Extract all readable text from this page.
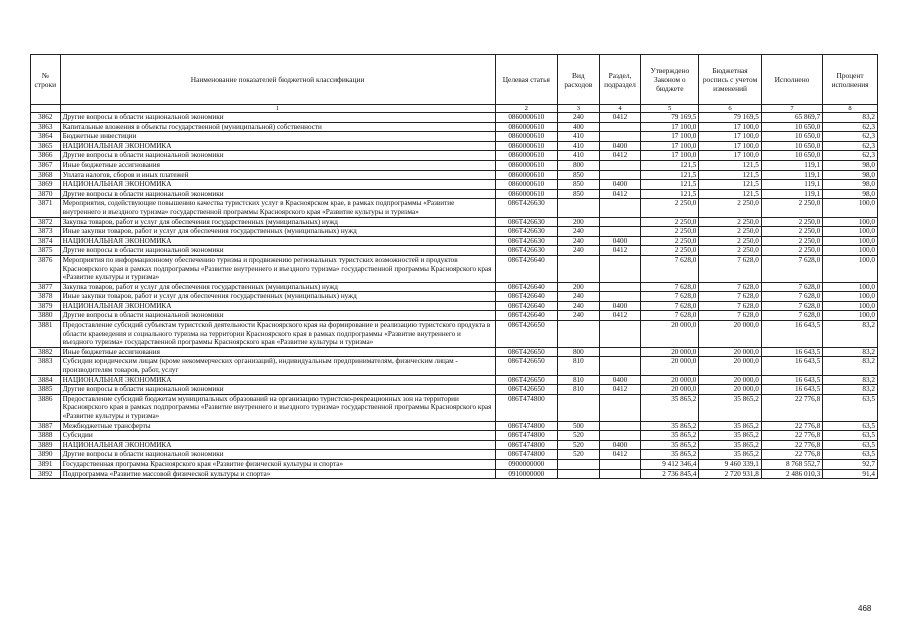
№ строки	Наименование показателей бюджетной классификации	Целевая статья	Вид расходов	Раздел, подраздел	Утверждено Законом о бюджете	Бюджетная роспись с учетом изменений	Исполнено	Процент исполнения
	1	2	3	4	5	6	7	8
3862	Другие вопросы в области национальной экономики	0860000610	240	0412	79 169,5	79 169,5	65 869,7	83,2
3863	Капитальные вложения в объекты государственной (муниципальной) собственности	0860000610	400		17 100,0	17 100,0	10 650,0	62,3
3864	Бюджетные инвестиции	0860000610	410		17 100,0	17 100,0	10 650,0	62,3
3865	НАЦИОНАЛЬНАЯ ЭКОНОМИКА	0860000610	410	0400	17 100,0	17 100,0	10 650,0	62,3
3866	Другие вопросы в области национальной экономики	0860000610	410	0412	17 100,0	17 100,0	10 650,0	62,3
3867	Иные бюджетные ассигнования	0860000610	800		121,5	121,5	119,1	98,0
3868	Уплата налогов, сборов и иных платежей	0860000610	850		121,5	121,5	119,1	98,0
3869	НАЦИОНАЛЬНАЯ ЭКОНОМИКА	0860000610	850	0400	121,5	121,5	119,1	98,0
3870	Другие вопросы в области национальной экономики	0860000610	850	0412	121,5	121,5	119,1	98,0
3871	Мероприятия, содействующие повышению качества туристских услуг в Красноярском крае, в рамках подпрограммы «Развитие внутреннего и въездного туризма» государственной программы Красноярского края «Развитие культуры и туризма»	086Т426630			2 250,0	2 250,0	2 250,0	100,0
3872	Закупка товаров, работ и услуг для обеспечения государственных (муниципальных) нужд	086Т426630	200		2 250,0	2 250,0	2 250,0	100,0
3873	Иные закупки товаров, работ и услуг для обеспечения государственных (муниципальных) нужд	086Т426630	240		2 250,0	2 250,0	2 250,0	100,0
3874	НАЦИОНАЛЬНАЯ ЭКОНОМИКА	086Т426630	240	0400	2 250,0	2 250,0	2 250,0	100,0
3875	Другие вопросы в области национальной экономики	086Т426630	240	0412	2 250,0	2 250,0	2 250,0	100,0
3876	Мероприятия по информационному обеспечению туризма и продвижению региональных туристских возможностей и продуктов Красноярского края в рамках подпрограммы «Развитие внутреннего и въездного туризма» государственной программы Красноярского края «Развитие культуры и туризма»	086Т426640			7 628,0	7 628,0	7 628,0	100,0
3877	Закупка товаров, работ и услуг для обеспечения государственных (муниципальных) нужд	086Т426640	200		7 628,0	7 628,0	7 628,0	100,0
3878	Иные закупки товаров, работ и услуг для обеспечения государственных (муниципальных) нужд	086Т426640	240		7 628,0	7 628,0	7 628,0	100,0
3879	НАЦИОНАЛЬНАЯ ЭКОНОМИКА	086Т426640	240	0400	7 628,0	7 628,0	7 628,0	100,0
3880	Другие вопросы в области национальной экономики	086Т426640	240	0412	7 628,0	7 628,0	7 628,0	100,0
3881	Предоставление субсидий субъектам туристской деятельности Красноярского края на формирование и реализацию туристского продукта в области краеведения и социального туризма на территории Красноярского края в рамках подпрограммы «Развитие внутреннего и въездного туризма» государственной программы Красноярского края «Развитие культуры и туризма»	086Т426650			20 000,0	20 000,0	16 643,5	83,2
3882	Иные бюджетные ассигнования	086Т426650	800		20 000,0	20 000,0	16 643,5	83,2
3883	Субсидии юридическим лицам (кроме некоммерческих организаций), индивидуальным предпринимателям, физическим лицам - производителям товаров, работ, услуг	086Т426650	810		20 000,0	20 000,0	16 643,5	83,2
3884	НАЦИОНАЛЬНАЯ ЭКОНОМИКА	086Т426650	810	0400	20 000,0	20 000,0	16 643,5	83,2
3885	Другие вопросы в области национальной экономики	086Т426650	810	0412	20 000,0	20 000,0	16 643,5	83,2
3886	Предоставление субсидий бюджетам муниципальных образований на организацию туристско-рекреационных зон на территории Красноярского края в рамках подпрограммы «Развитие внутреннего и въездного туризма» государственной программы Красноярского края «Развитие культуры и туризма»	086Т474800			35 865,2	35 865,2	22 776,8	63,5
3887	Межбюджетные трансферты	086Т474800	500		35 865,2	35 865,2	22 776,8	63,5
3888	Субсидии	086Т474800	520		35 865,2	35 865,2	22 776,8	63,5
3889	НАЦИОНАЛЬНАЯ ЭКОНОМИКА	086Т474800	520	0400	35 865,2	35 865,2	22 776,8	63,5
3890	Другие вопросы в области национальной экономики	086Т474800	520	0412	35 865,2	35 865,2	22 776,8	63,5
3891	Государственная программа Красноярского края «Развитие физической культуры и спорта»	0900000000			9 412 346,4	9 460 339,1	8 768 552,7	92,7
3892	Подпрограмма «Развитие массовой физической культуры и спорта»	0910000000			2 736 845,4	2 720 931,8	2 486 010,3	91,4
468
